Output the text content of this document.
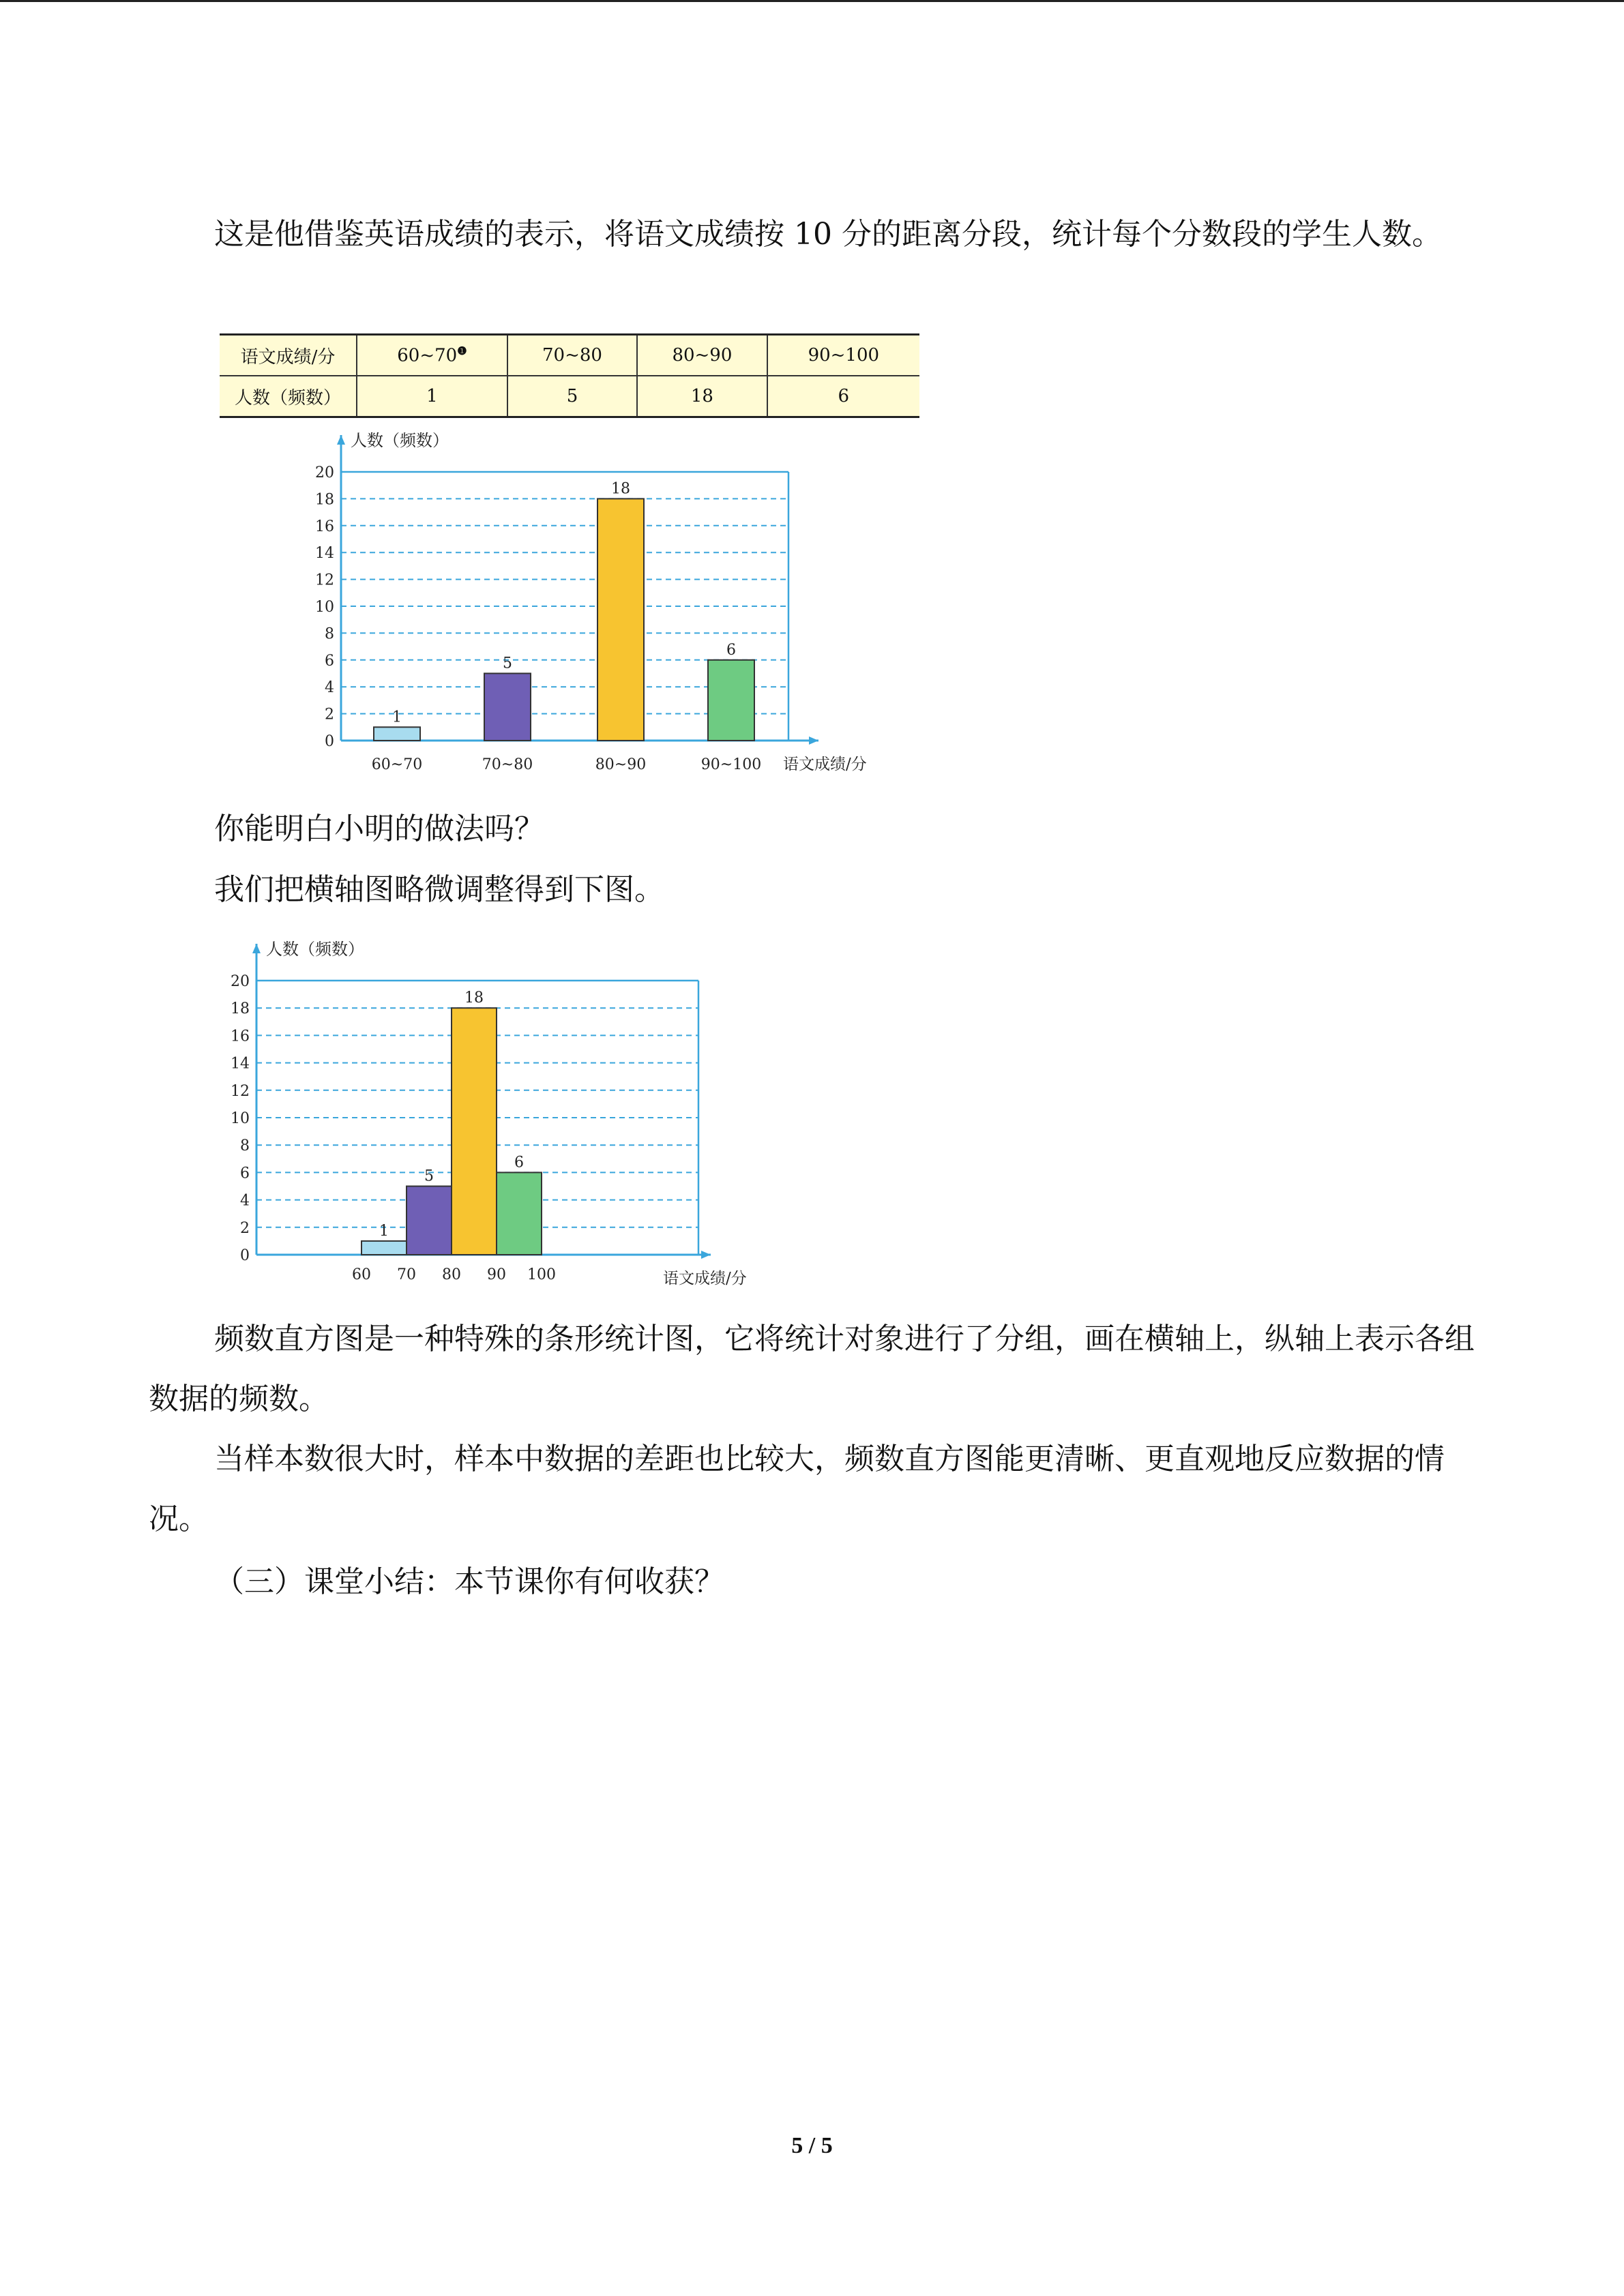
这是他借鉴英语成绩的表示，将语文成绩按 10 分的距离分段，统计每个分数段的学生人数。

语文成绩/分	60~70$^❶$	70~80	80~90	90~100
人数（频数）	1	5	18	6
0
2
4
6
8
10
12
14
16
18
20
人数（频数）
语文成绩/分
1
60~70
5
70~80
18
80~90
6
90~100
你能明白小明的做法吗？
我们把横轴图略微调整得到下图。
0
2
4
6
8
10
12
14
16
18
20
人数（频数）
语文成绩/分
1
5
18
6
60 70 80 90 100

频数直方图是一种特殊的条形统计图，它将统计对象进行了分组，画在横轴上，纵轴上表示各组数据的频数。

当样本数很大时，样本中数据的差距也比较大，频数直方图能更清晰、更直观地反应数据的情况。

（三）课堂小结：本节课你有何收获？
5 / 5
